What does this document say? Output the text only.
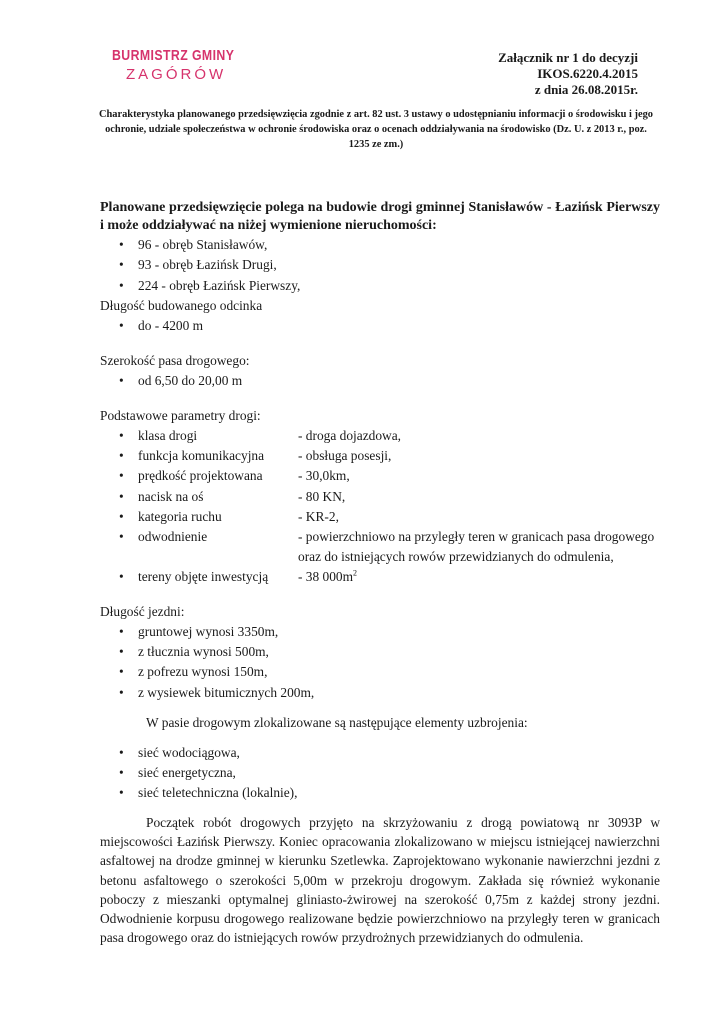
BURMISTRZ GMINY
ZAGÓRÓW
Załącznik nr 1 do decyzji
IKOS.6220.4.2015
z dnia 26.08.2015r.
Charakterystyka planowanego przedsięwzięcia zgodnie z art. 82 ust. 3 ustawy o udostępnianiu informacji o środowisku i jego ochronie, udziale społeczeństwa w ochronie środowiska oraz o ocenach oddziaływania na środowisko (Dz. U. z 2013 r., poz. 1235 ze zm.)

Planowane przedsięwzięcie polega na budowie drogi gminnej Stanisławów - Łazińsk Pierwszy i może oddziaływać na niżej wymienione nieruchomości:

• 96 - obręb Stanisławów,
• 93 - obręb Łazińsk Drugi,
• 224 - obręb Łazińsk Pierwszy,

Długość budowanego odcinka

• do - 4200 m

Szerokość pasa drogowego:

• od 6,50 do 20,00 m

Podstawowe parametry drogi:

• klasa drogi	- droga dojazdowa,
• funkcja komunikacyjna	- obsługa posesji,
• prędkość projektowana	- 30,0km,
• nacisk na oś	- 80 KN,
• kategoria ruchu	- KR-2,
• odwodnienie	- powierzchniowo na przyległy teren w granicach pasa drogowego oraz do istniejących rowów przewidzianych do odmulenia,
• tereny objęte inwestycją	- 38 $000m^2$

Długość jezdni:

• gruntowej wynosi 3350m,
• z tłucznia wynosi 500m,
• z pofrezu wynosi 150m,
• z wysiewek bitumicznych 200m,

W pasie drogowym zlokalizowane są następujące elementy uzbrojenia:

• sieć wodociągowa,
• sieć energetyczna,
• sieć teletechniczna (lokalnie),

Początek robót drogowych przyjęto na skrzyżowaniu z drogą powiatową nr 3093P w miejscowości Łazińsk Pierwszy. Koniec opracowania zlokalizowano w miejscu istniejącej nawierzchni asfaltowej na drodze gminnej w kierunku Szetlewka. Zaprojektowano wykonanie nawierzchni jezdni z betonu asfaltowego o szerokości 5,00m w przekroju drogowym. Zakłada się również wykonanie poboczy z mieszanki optymalnej gliniasto-żwirowej na szerokość 0,75m z każdej strony jezdni. Odwodnienie korpusu drogowego realizowane będzie powierzchniowo na przyległy teren w granicach pasa drogowego oraz do istniejących rowów przydrożnych przewidzianych do odmulenia.
